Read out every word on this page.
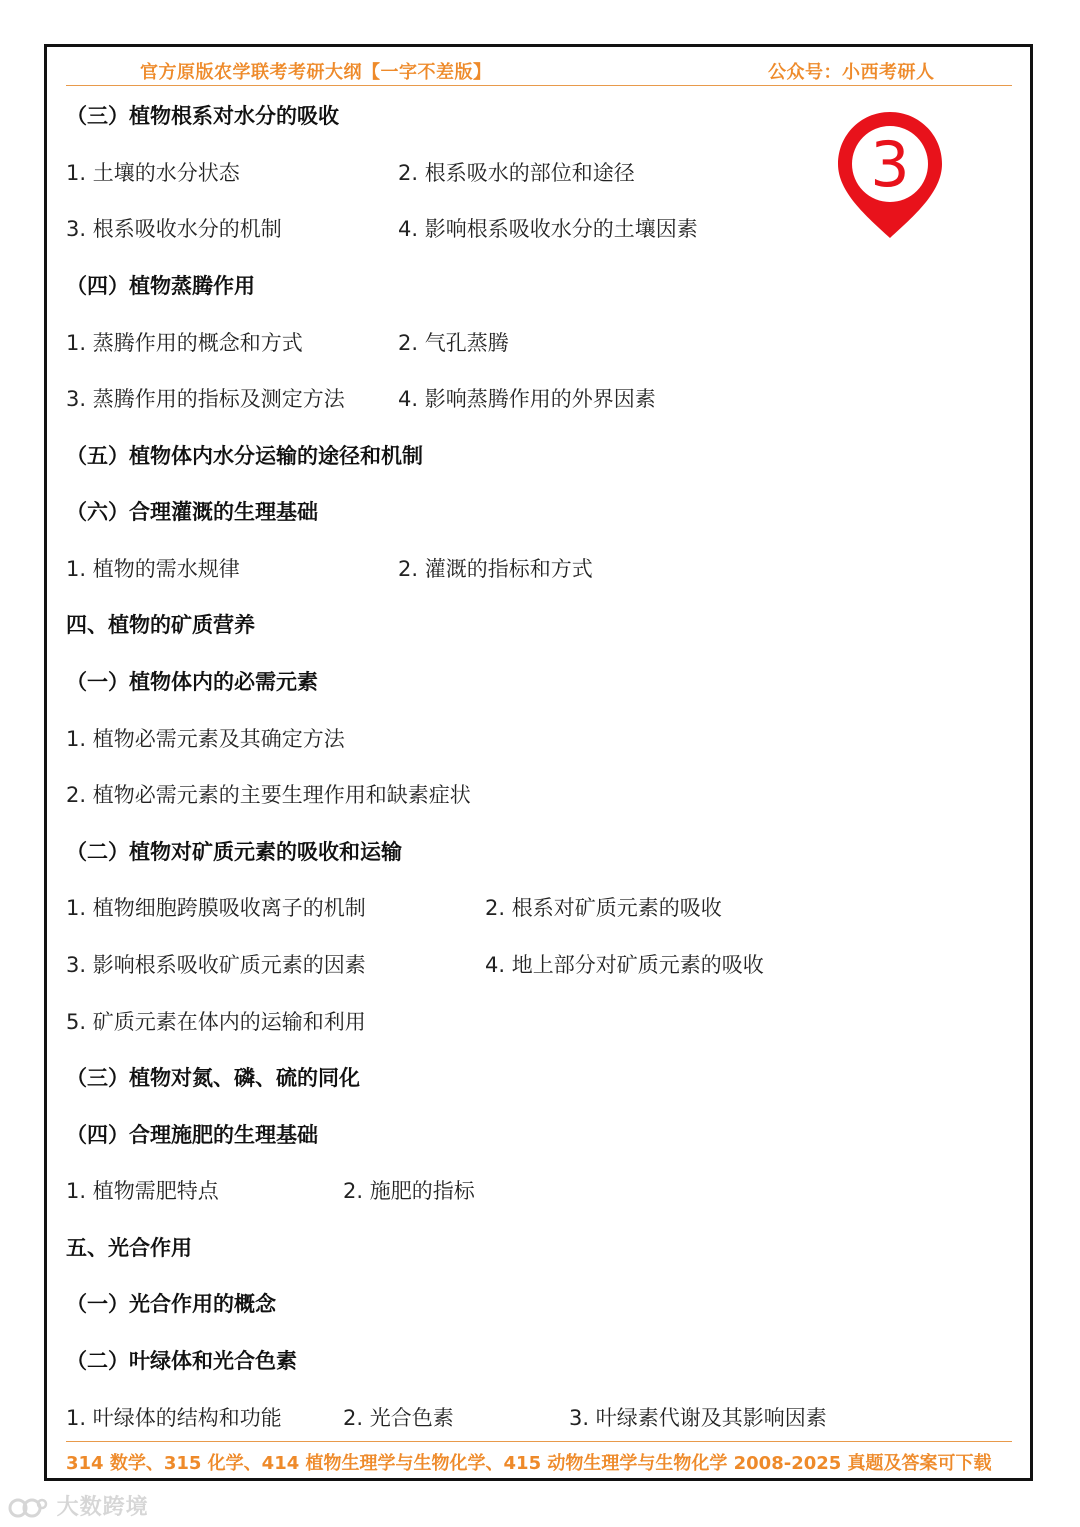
官方原版农学联考考研大纲【一字不差版】	公众号：小西考研人
3
（三）植物根系对水分的吸收
1. 土壤的水分状态	2. 根系吸水的部位和途径
3. 根系吸收水分的机制	4. 影响根系吸收水分的土壤因素
（四）植物蒸腾作用
1. 蒸腾作用的概念和方式	2. 气孔蒸腾
3. 蒸腾作用的指标及测定方法	4. 影响蒸腾作用的外界因素
（五）植物体内水分运输的途径和机制
（六）合理灌溉的生理基础
1. 植物的需水规律	2. 灌溉的指标和方式
四、植物的矿质营养
（一）植物体内的必需元素
1. 植物必需元素及其确定方法
2. 植物必需元素的主要生理作用和缺素症状
（二）植物对矿质元素的吸收和运输
1. 植物细胞跨膜吸收离子的机制	2. 根系对矿质元素的吸收
3. 影响根系吸收矿质元素的因素	4. 地上部分对矿质元素的吸收
5. 矿质元素在体内的运输和利用
（三）植物对氮、磷、硫的同化
（四）合理施肥的生理基础
1. 植物需肥特点	2. 施肥的指标
五、光合作用
（一）光合作用的概念
（二）叶绿体和光合色素
1. 叶绿体的结构和功能	2. 光合色素	3. 叶绿素代谢及其影响因素
314 数学、315 化学、414 植物生理学与生物化学、415 动物生理学与生物化学 2008-2025 真题及答案可下载
大数跨境
